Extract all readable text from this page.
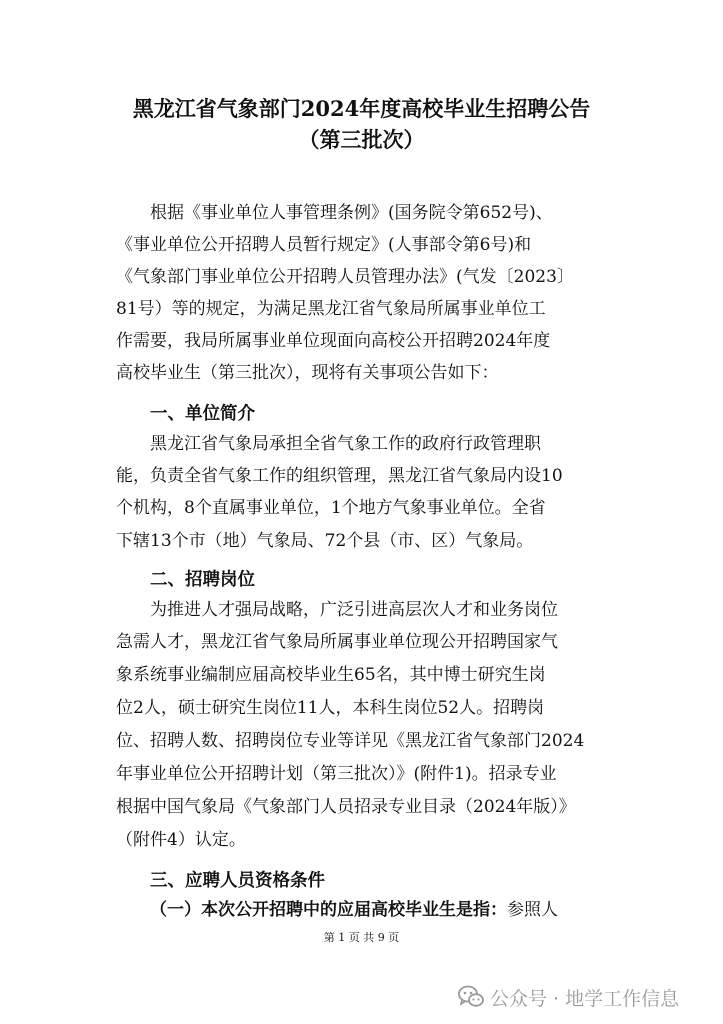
黑龙江省气象部门2024年度高校毕业生招聘公告
（第三批次）

根据《事业单位人事管理条例》(国务院令第652号)、

《事业单位公开招聘人员暂行规定》(人事部令第6号)和

《气象部门事业单位公开招聘人员管理办法》(气发〔2023〕

81号）等的规定，为满足黑龙江省气象局所属事业单位工

作需要，我局所属事业单位现面向高校公开招聘2024年度

高校毕业生（第三批次），现将有关事项公告如下：

一、单位简介

黑龙江省气象局承担全省气象工作的政府行政管理职

能，负责全省气象工作的组织管理，黑龙江省气象局内设10

个机构，8个直属事业单位，1个地方气象事业单位。全省

下辖13个市（地）气象局、72个县（市、区）气象局。

二、招聘岗位

为推进人才强局战略，广泛引进高层次人才和业务岗位

急需人才，黑龙江省气象局所属事业单位现公开招聘国家气

象系统事业编制应届高校毕业生65名，其中博士研究生岗

位2人，硕士研究生岗位11人，本科生岗位52人。招聘岗

位、招聘人数、招聘岗位专业等详见《黑龙江省气象部门2024

年事业单位公开招聘计划（第三批次）》(附件1)。招录专业

根据中国气象局《气象部门人员招录专业目录（2024年版）》

（附件4）认定。

三、应聘人员资格条件

（一）本次公开招聘中的应届高校毕业生是指：参照人

第 1 页 共 9 页
公众号 · 地学工作信息
